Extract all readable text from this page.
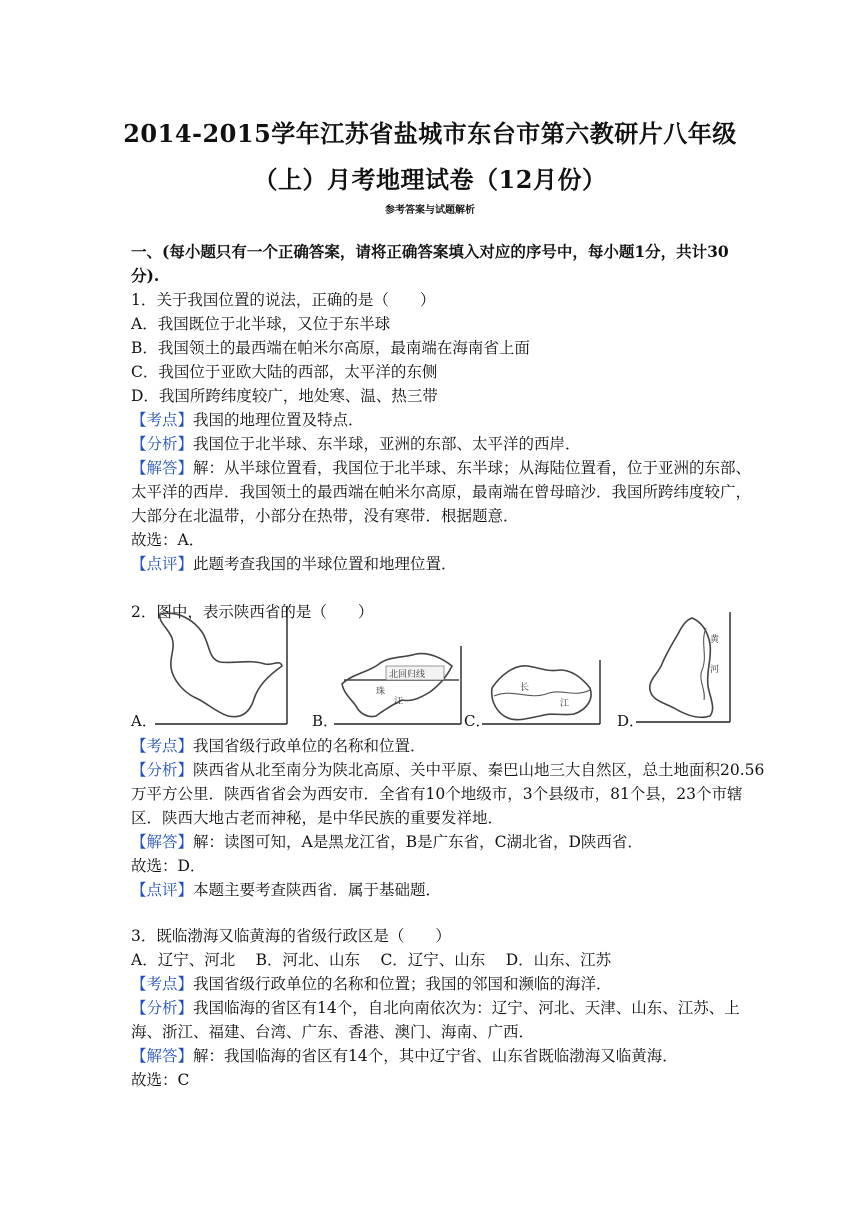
2014-2015学年江苏省盐城市东台市第六教研片八年级
（上）月考地理试卷（12月份）
参考答案与试题解析
一、(每小题只有一个正确答案，请将正确答案填入对应的序号中，每小题1分，共计30
分).
1．关于我国位置的说法，正确的是（　　）
A．我国既位于北半球，又位于东半球
B．我国领土的最西端在帕米尔高原，最南端在海南省上面
C．我国位于亚欧大陆的西部，太平洋的东侧
D．我国所跨纬度较广，地处寒、温、热三带
【考点】我国的地理位置及特点．
【分析】我国位于北半球、东半球，亚洲的东部、太平洋的西岸．
【解答】解：从半球位置看，我国位于北半球、东半球；从海陆位置看，位于亚洲的东部、
太平洋的西岸．我国领土的最西端在帕米尔高原，最南端在曾母暗沙．我国所跨纬度较广，
大部分在北温带，小部分在热带，没有寒带．根据题意．
故选：A．
【点评】此题考查我国的半球位置和地理位置．
2．图中，表示陕西省的是（　　）
A．	B．
北回归线
珠
江
C．
长
江
D．
黄
河
【考点】我国省级行政单位的名称和位置．
【分析】陕西省从北至南分为陕北高原、关中平原、秦巴山地三大自然区，总土地面积20.56
万平方公里．陕西省省会为西安市．全省有10个地级市，3个县级市，81个县，23个市辖
区．陕西大地古老而神秘，是中华民族的重要发祥地．
【解答】解：读图可知，A是黑龙江省，B是广东省，C湖北省，D陕西省．
故选：D．
【点评】本题主要考查陕西省．属于基础题．
3．既临渤海又临黄海的省级行政区是（　　）
A．辽宁、河北　 B．河北、山东　 C．辽宁、山东　 D．山东、江苏
【考点】我国省级行政单位的名称和位置；我国的邻国和濒临的海洋．
【分析】我国临海的省区有14个，自北向南依次为：辽宁、河北、天津、山东、江苏、上
海、浙江、福建、台湾、广东、香港、澳门、海南、广西．
【解答】解：我国临海的省区有14个，其中辽宁省、山东省既临渤海又临黄海．
故选：C
